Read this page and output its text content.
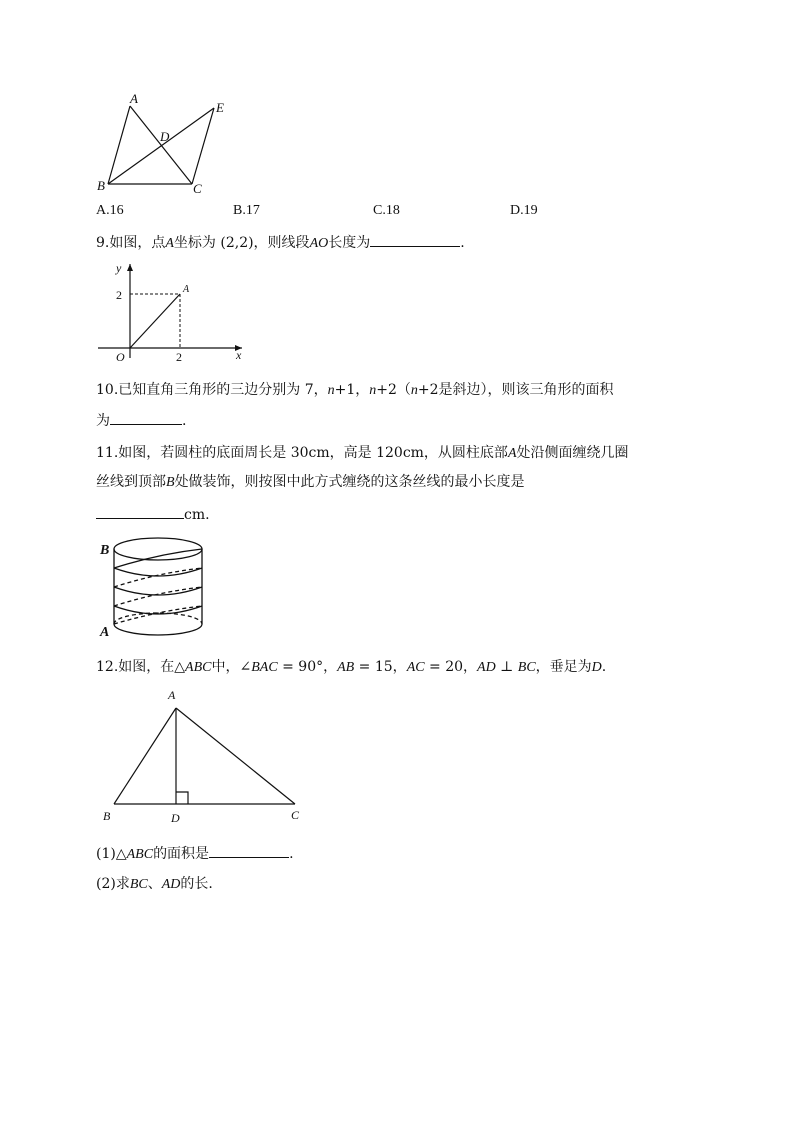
A
E
D
B	C
A.16	B.17	C.18	D.19
9.如图，点A坐标为 (2,2)，则线段AO长度为	.
y
x
O
A
2
2
10.已知直角三角形的三边分别为 7，n+1，n+2（n+2是斜边），则该三角形的面积
为	.
11.如图，若圆柱的底面周长是 30cm，高是 120cm，从圆柱底部A处沿侧面缠绕几圈
丝线到顶部B处做装饰，则按图中此方式缠绕的这条丝线的最小长度是
cm.
B
A
12.如图，在△ABC中，∠BAC = 90°，AB = 15，AC = 20，AD ⊥ BC，垂足为D.
A
B	D	C
(1)△ABC的面积是	.
(2)求BC、AD的长.
